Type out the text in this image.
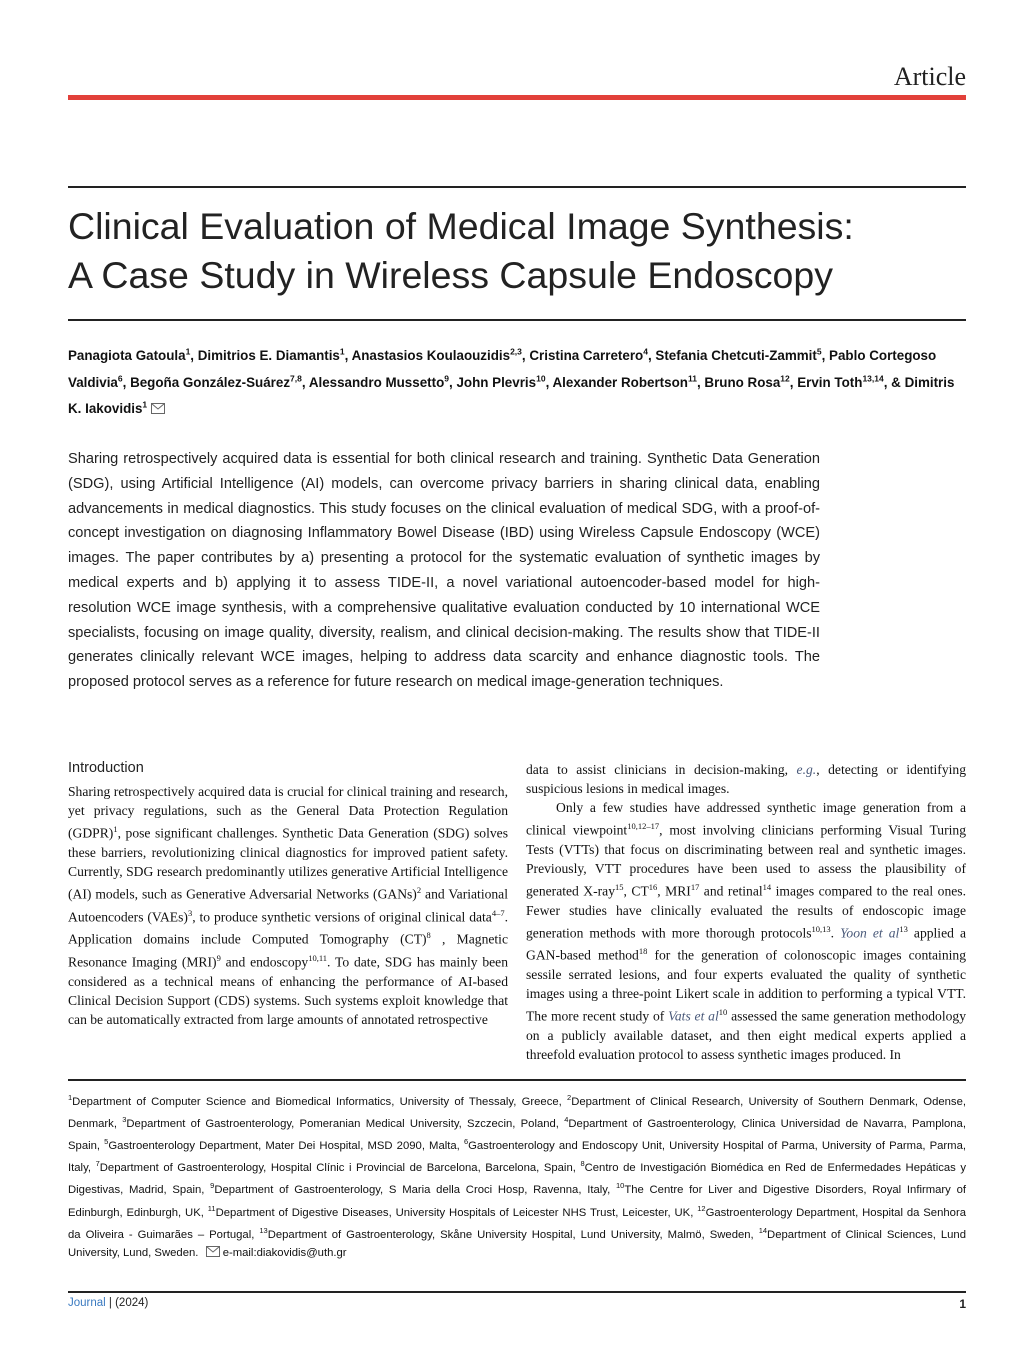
Article
Clinical Evaluation of Medical Image Synthesis:
A Case Study in Wireless Capsule Endoscopy
Panagiota Gatoula$^1$, Dimitrios E. Diamantis$^1$, Anastasios Koulaouzidis$^{2,3}$, Cristina Carretero$^4$, Stefania Chetcuti-Zammit$^5$, Pablo Cortegoso Valdivia$^6$, Begoña González-Suárez$^{7,8}$, Alessandro Mussetto$^9$, John Plevris$^{10}$, Alexander Robertson$^{11}$, Bruno Rosa$^{12}$, Ervin Toth$^{13,14}$, & Dimitris K. Iakovidis$^1$

Sharing retrospectively acquired data is essential for both clinical research and training. Synthetic Data Generation (SDG), using Artificial Intelligence (AI) models, can overcome privacy barriers in sharing clinical data, enabling advancements in medical diagnostics. This study focuses on the clinical evaluation of medical SDG, with a proof-of-concept investigation on diagnosing Inflammatory Bowel Disease (IBD) using Wireless Capsule Endoscopy (WCE) images. The paper contributes by a) presenting a protocol for the systematic evaluation of synthetic images by medical experts and b) applying it to assess TIDE-II, a novel variational autoencoder-based model for high-resolution WCE image synthesis, with a comprehensive qualitative evaluation conducted by 10 international WCE specialists, focusing on image quality, diversity, realism, and clinical decision-making. The results show that TIDE-II generates clinically relevant WCE images, helping to address data scarcity and enhance diagnostic tools. The proposed protocol serves as a reference for future research on medical image-generation techniques.

Introduction

Sharing retrospectively acquired data is crucial for clinical training and research, yet privacy regulations, such as the General Data Protection Regulation (GDPR)$^1$, pose significant challenges. Synthetic Data Generation (SDG) solves these barriers, revolutionizing clinical diagnostics for improved patient safety. Currently, SDG research predominantly utilizes generative Artificial Intelligence (AI) models, such as Generative Adversarial Networks (GANs)$^2$ and Variational Autoencoders (VAEs)$^3$, to produce synthetic versions of original clinical data$^{4-7}$. Application domains include Computed Tomography (CT)$^8$ , Magnetic Resonance Imaging (MRI)$^9$ and endoscopy$^{10,11}$. To date, SDG has mainly been considered as a technical means of enhancing the performance of AI-based Clinical Decision Support (CDS) systems. Such systems exploit knowledge that can be automatically extracted from large amounts of annotated retrospective

data to assist clinicians in decision-making, e.g., detecting or identifying suspicious lesions in medical images.

Only a few studies have addressed synthetic image generation from a clinical viewpoint$^{10,12-17}$, most involving clinicians performing Visual Turing Tests (VTTs) that focus on discriminating between real and synthetic images. Previously, VTT procedures have been used to assess the plausibility of generated X-ray$^{15}$, CT$^{16}$, MRI$^{17}$ and retinal$^{14}$ images compared to the real ones. Fewer studies have clinically evaluated the results of endoscopic image generation methods with more thorough protocols$^{10,13}$. Yoon et $al^{13}$ applied a GAN-based method$^{18}$ for the generation of colonoscopic images containing sessile serrated lesions, and four experts evaluated the quality of synthetic images using a three-point Likert scale in addition to performing a typical VTT. The more recent study of Vats et $al^{10}$ assessed the same generation methodology on a publicly available dataset, and then eight medical experts applied a threefold evaluation protocol to assess synthetic images produced. In

$^1$Department of Computer Science and Biomedical Informatics, University of Thessaly, Greece, $^2$Department of Clinical Research, University of Southern Denmark, Odense, Denmark, $^3$Department of Gastroenterology, Pomeranian Medical University, Szczecin, Poland, $^4$Department of Gastroenterology, Clinica Universidad de Navarra, Pamplona, Spain, $^5$Gastroenterology Department, Mater Dei Hospital, MSD 2090, Malta, $^6$Gastroenterology and Endoscopy Unit, University Hospital of Parma, University of Parma, Parma, Italy, $^7$Department of Gastroenterology, Hospital Clínic i Provincial de Barcelona, Barcelona, Spain, $^8$Centro de Investigación Biomédica en Red de Enfermedades Hepáticas y Digestivas, Madrid, Spain, $^9$Department of Gastroenterology, S Maria della Croci Hosp, Ravenna, Italy, $^{10}$The Centre for Liver and Digestive Disorders, Royal Infirmary of Edinburgh, Edinburgh, UK, $^{11}$Department of Digestive Diseases, University Hospitals of Leicester NHS Trust, Leicester, UK, $^{12}$Gastroenterology Department, Hospital da Senhora da Oliveira - Guimarães – Portugal, $^{13}$Department of Gastroenterology, Skåne University Hospital, Lund University, Malmö, Sweden, $^{14}$Department of Clinical Sciences, Lund University, Lund, Sweden.  e-mail:diakovidis@uth.gr

Journal | (2024)	1
